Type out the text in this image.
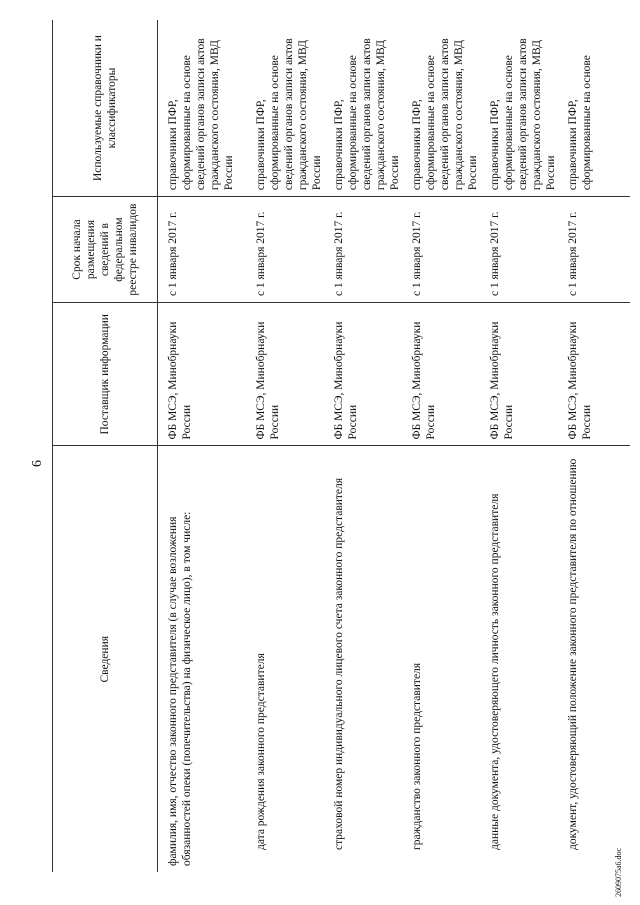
6
2609075а6.doc
Сведения	Поставщик информации	Срок начала размещения сведений в федеральном реестре инвалидов	Используемые справочники и классификаторы
фамилия, имя, отчество законного представителя (в случае возложения обязанностей опеки (попечительства) на физическое лицо), в том числе:	ФБ МСЭ, Минобрнауки России	с 1 января 2017 г.	справочники ПФР, сформированные на основе сведений органов записи актов гражданского состояния, МВД России
дата рождения законного представителя	ФБ МСЭ, Минобрнауки России	с 1 января 2017 г.	справочники ПФР, сформированные на основе сведений органов записи актов гражданского состояния, МВД России
страховой номер индивидуального лицевого счета законного представителя	ФБ МСЭ, Минобрнауки России	с 1 января 2017 г.	справочники ПФР, сформированные на основе сведений органов записи актов гражданского состояния, МВД России
гражданство законного представителя	ФБ МСЭ, Минобрнауки России	с 1 января 2017 г.	справочники ПФР, сформированные на основе сведений органов записи актов гражданского состояния, МВД России
данные документа, удостоверяющего личность законного представителя	ФБ МСЭ, Минобрнауки России	с 1 января 2017 г.	справочники ПФР, сформированные на основе сведений органов записи актов гражданского состояния, МВД России
документ, удостоверяющий положение законного представителя по отношению	ФБ МСЭ, Минобрнауки России	с 1 января 2017 г.	справочники ПФР, сформированные на основе
